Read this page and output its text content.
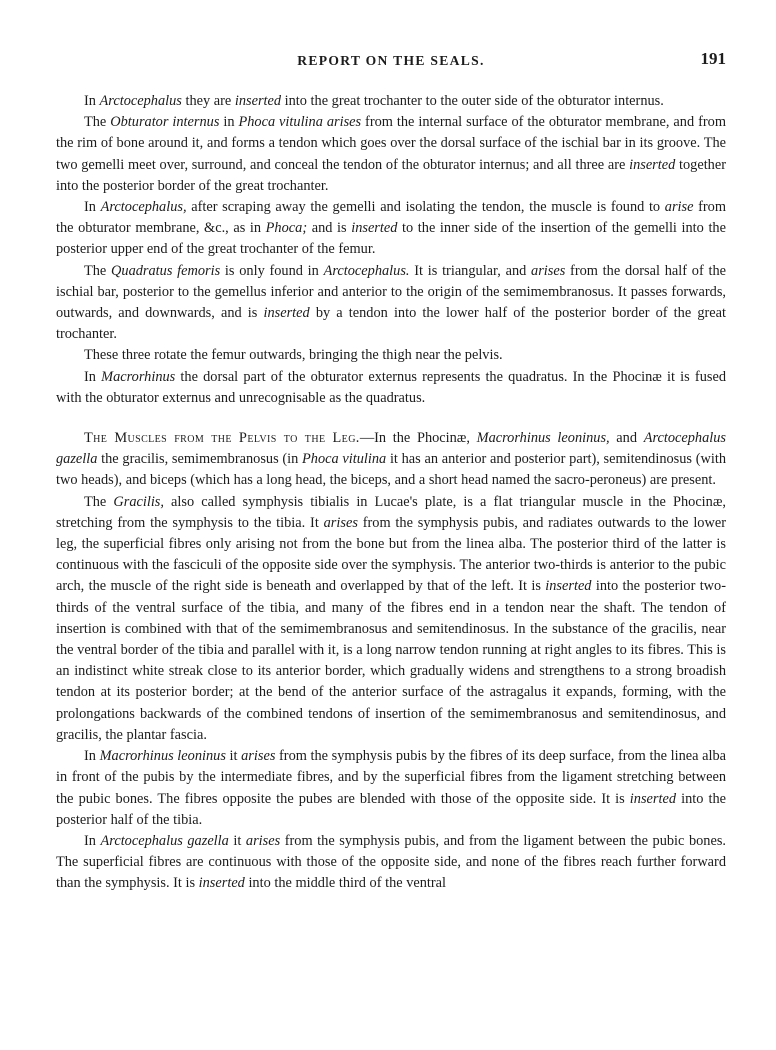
REPORT ON THE SEALS.	191

In Arctocephalus they are inserted into the great trochanter to the outer side of the obturator internus.

The Obturator internus in Phoca vitulina arises from the internal surface of the obturator membrane, and from the rim of bone around it, and forms a tendon which goes over the dorsal surface of the ischial bar in its groove. The two gemelli meet over, surround, and conceal the tendon of the obturator internus; and all three are inserted together into the posterior border of the great trochanter.

In Arctocephalus, after scraping away the gemelli and isolating the tendon, the muscle is found to arise from the obturator membrane, &c., as in Phoca; and is inserted to the inner side of the insertion of the gemelli into the posterior upper end of the great trochanter of the femur.

The Quadratus femoris is only found in Arctocephalus. It is triangular, and arises from the dorsal half of the ischial bar, posterior to the gemellus inferior and anterior to the origin of the semimembranosus. It passes forwards, outwards, and downwards, and is inserted by a tendon into the lower half of the posterior border of the great trochanter.

These three rotate the femur outwards, bringing the thigh near the pelvis.

In Macrorhinus the dorsal part of the obturator externus represents the quadratus. In the Phocinæ it is fused with the obturator externus and unrecognisable as the quadratus.

The Muscles from the Pelvis to the Leg.—In the Phocinæ, Macrorhinus leoninus, and Arctocephalus gazella the gracilis, semimembranosus (in Phoca vitulina it has an anterior and posterior part), semitendinosus (with two heads), and biceps (which has a long head, the biceps, and a short head named the sacro-peroneus) are present.

The Gracilis, also called symphysis tibialis in Lucae's plate, is a flat triangular muscle in the Phocinæ, stretching from the symphysis to the tibia. It arises from the symphysis pubis, and radiates outwards to the lower leg, the superficial fibres only arising not from the bone but from the linea alba. The posterior third of the latter is continuous with the fasciculi of the opposite side over the symphysis. The anterior two-thirds is anterior to the pubic arch, the muscle of the right side is beneath and overlapped by that of the left. It is inserted into the posterior two-thirds of the ventral surface of the tibia, and many of the fibres end in a tendon near the shaft. The tendon of insertion is combined with that of the semimembranosus and semitendinosus. In the substance of the gracilis, near the ventral border of the tibia and parallel with it, is a long narrow tendon running at right angles to its fibres. This is an indistinct white streak close to its anterior border, which gradually widens and strengthens to a strong broadish tendon at its posterior border; at the bend of the anterior surface of the astragalus it expands, forming, with the prolongations backwards of the combined tendons of insertion of the semimembranosus and semitendinosus, and gracilis, the plantar fascia.

In Macrorhinus leoninus it arises from the symphysis pubis by the fibres of its deep surface, from the linea alba in front of the pubis by the intermediate fibres, and by the superficial fibres from the ligament stretching between the pubic bones. The fibres opposite the pubes are blended with those of the opposite side. It is inserted into the posterior half of the tibia.

In Arctocephalus gazella it arises from the symphysis pubis, and from the ligament between the pubic bones. The superficial fibres are continuous with those of the opposite side, and none of the fibres reach further forward than the symphysis. It is inserted into the middle third of the ventral
